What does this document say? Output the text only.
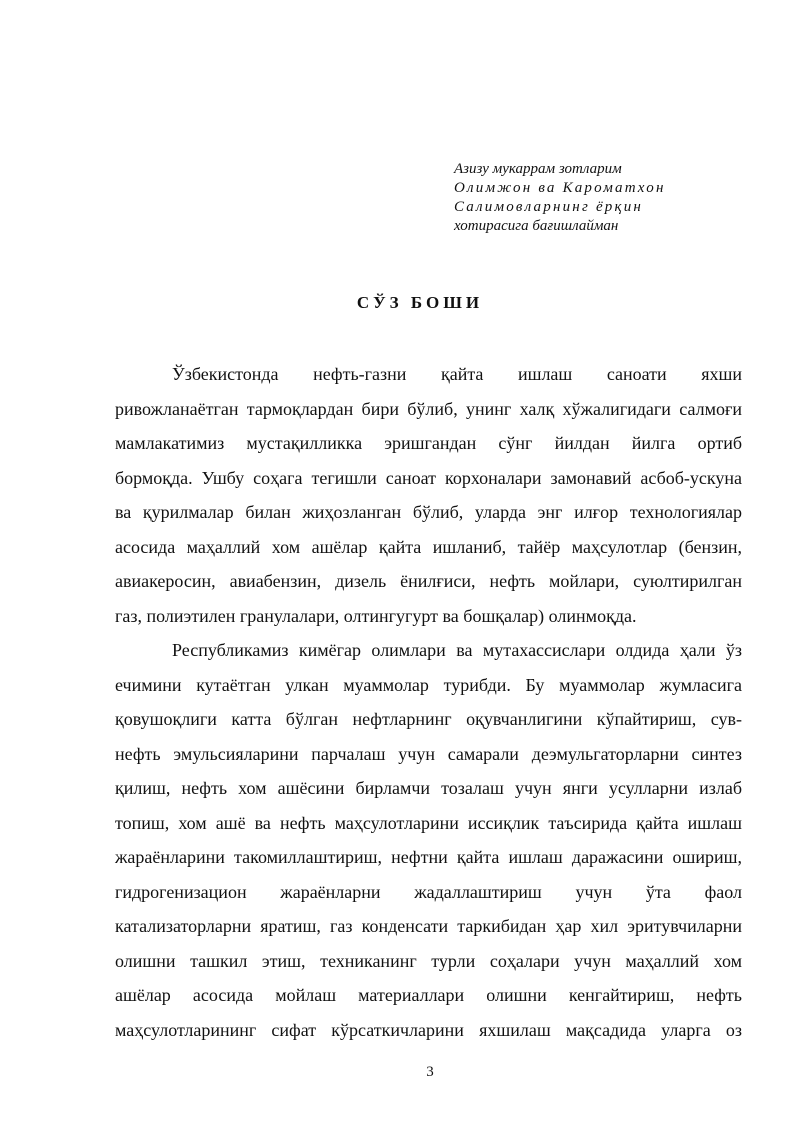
Азизу мукаррам зотларим
Олимжон ва Кароматхон
Салимовларнинг ёрқин
хотирасига бағишлайман
СЎЗ БОШИ
Ўзбекистонда нефть-газни қайта ишлаш саноати яхши
ривожланаётган тармоқлардан бири бўлиб, унинг халқ хўжалигидаги салмоғи
мамлакатимиз мустақилликка эришгандан сўнг йилдан йилга ортиб
бормоқда. Ушбу соҳага тегишли саноат корхоналари замонавий асбоб-ускуна
ва қурилмалар билан жиҳозланган бўлиб, уларда энг илғор технологиялар
асосида маҳаллий хом ашёлар қайта ишланиб, тайёр маҳсулотлар (бензин,
авиакеросин, авиабензин, дизель ёнилғиси, нефть мойлари, суюлтирилган
газ, полиэтилен гранулалари, олтингугурт ва бошқалар) олинмоқда.
Республикамиз кимёгар олимлари ва мутахассислари олдида ҳали ўз
ечимини кутаётган улкан муаммолар турибди. Бу муаммолар жумласига
қовушоқлиги катта бўлган нефтларнинг оқувчанлигини кўпайтириш, сув-
нефть эмульсияларини парчалаш учун самарали деэмульгаторларни синтез
қилиш, нефть хом ашёсини бирламчи тозалаш учун янги усулларни излаб
топиш, хом ашё ва нефть маҳсулотларини иссиқлик таъсирида қайта ишлаш
жараёнларини такомиллаштириш, нефтни қайта ишлаш даражасини ошириш,
гидрогенизацион жараёнларни жадаллаштириш учун ўта фаол
катализаторларни яратиш, газ конденсати таркибидан ҳар хил эритувчиларни
олишни ташкил этиш, техниканинг турли соҳалари учун маҳаллий хом
ашёлар асосида мойлаш материаллари олишни кенгайтириш, нефть
маҳсулотларининг сифат кўрсаткичларини яхшилаш мақсадида уларга оз
3
